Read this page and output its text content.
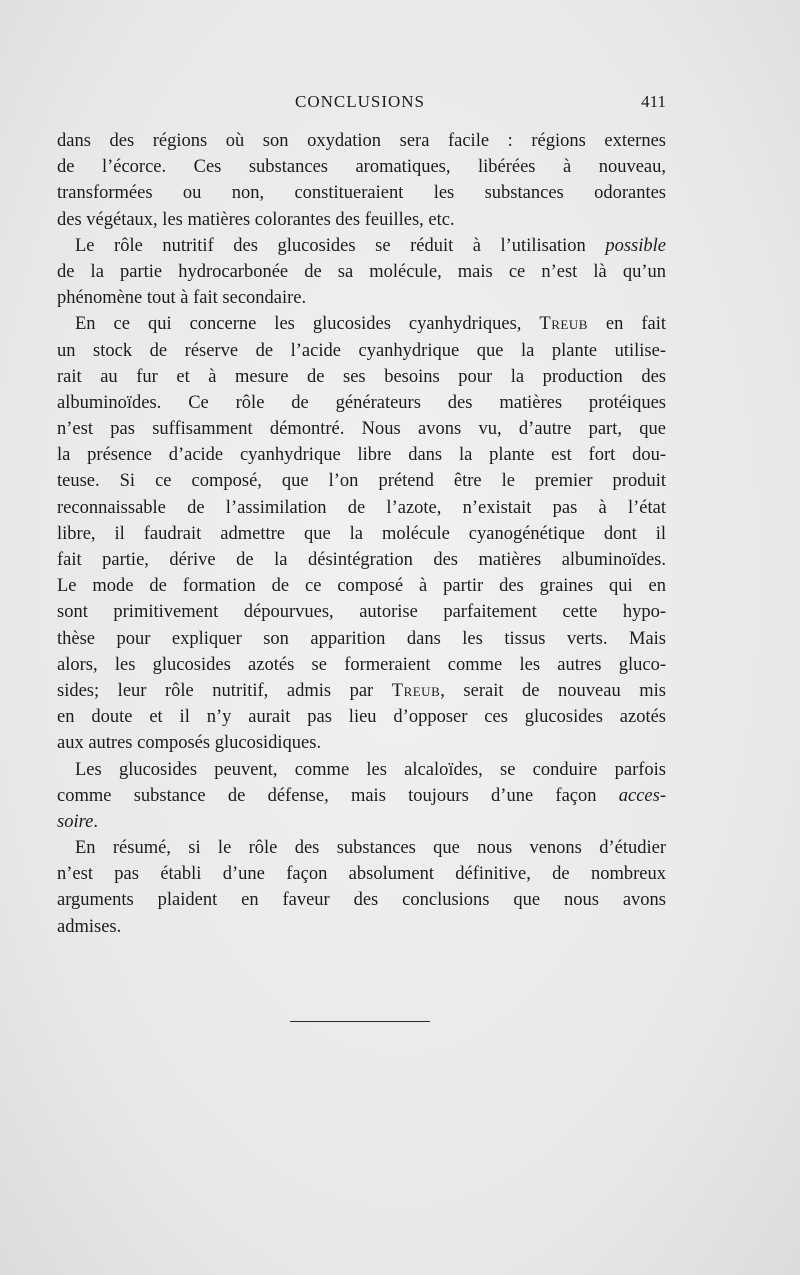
CONCLUSIONS	411
dans des régions où son oxydation sera facile : régions externes
de l’écorce. Ces substances aromatiques, libérées à nouveau,
transformées ou non, constitueraient les substances odorantes
des végétaux, les matières colorantes des feuilles, etc.
Le rôle nutritif des glucosides se réduit à l’utilisation possible
de la partie hydrocarbonée de sa molécule, mais ce n’est là qu’un
phénomène tout à fait secondaire.
En ce qui concerne les glucosides cyanhydriques, Treub en fait
un stock de réserve de l’acide cyanhydrique que la plante utilise-
rait au fur et à mesure de ses besoins pour la production des
albuminoïdes. Ce rôle de générateurs des matières protéiques
n’est pas suffisamment démontré. Nous avons vu, d’autre part, que
la présence d’acide cyanhydrique libre dans la plante est fort dou-
teuse. Si ce composé, que l’on prétend être le premier produit
reconnaissable de l’assimilation de l’azote, n’existait pas à l’état
libre, il faudrait admettre que la molécule cyanogénétique dont il
fait partie, dérive de la désintégration des matières albuminoïdes.
Le mode de formation de ce composé à partir des graines qui en
sont primitivement dépourvues, autorise parfaitement cette hypo-
thèse pour expliquer son apparition dans les tissus verts. Mais
alors, les glucosides azotés se formeraient comme les autres gluco-
sides; leur rôle nutritif, admis par Treub, serait de nouveau mis
en doute et il n’y aurait pas lieu d’opposer ces glucosides azotés
aux autres composés glucosidiques.
Les glucosides peuvent, comme les alcaloïdes, se conduire parfois
comme substance de défense, mais toujours d’une façon acces-
soire.
En résumé, si le rôle des substances que nous venons d’étudier
n’est pas établi d’une façon absolument définitive, de nombreux
arguments plaident en faveur des conclusions que nous avons
admises.
